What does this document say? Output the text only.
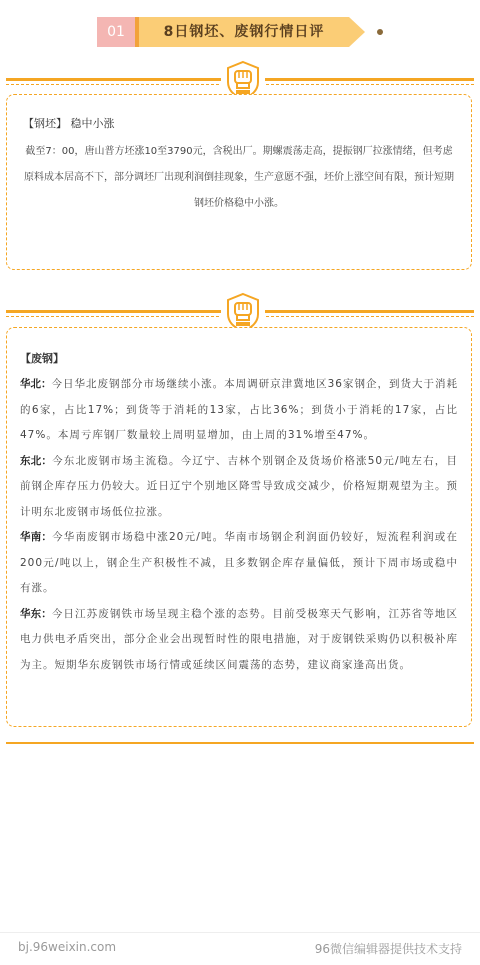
01	8日钢坯、废钢行情日评
【钢坯】 稳中小涨
截至7：00，唐山普方坯涨10至3790元，含税出厂。期螺震荡走高，提振钢厂拉涨情绪，但考虑原料成本居高不下，部分调坯厂出现利润倒挂现象，生产意愿不强，坯价上涨空间有限，预计短期钢坯价格稳中小涨。
【废钢】
华北：今日华北废钢部分市场继续小涨。本周调研京津冀地区36家钢企，到货大于消耗的6家，占比17%；到货等于消耗的13家，占比36%；到货小于消耗的17家，占比47%。本周亏库钢厂数量较上周明显增加，由上周的31%增至47%。
东北：今东北废钢市场主流稳。今辽宁、吉林个别钢企及货场价格涨50元/吨左右，目前钢企库存压力仍较大。近日辽宁个别地区降雪导致成交减少，价格短期观望为主。预计明东北废钢市场低位拉涨。
华南：今华南废钢市场稳中涨20元/吨。华南市场钢企利润面仍较好，短流程利润或在200元/吨以上，钢企生产积极性不减，且多数钢企库存量偏低，预计下周市场或稳中有涨。
华东：今日江苏废钢铁市场呈现主稳个涨的态势。目前受极寒天气影响，江苏省等地区电力供电矛盾突出，部分企业会出现暂时性的限电措施，对于废钢铁采购仍以积极补库为主。短期华东废钢铁市场行情或延续区间震荡的态势，建议商家逢高出货。
bj.96weixin.com	96微信编辑器提供技术支持
